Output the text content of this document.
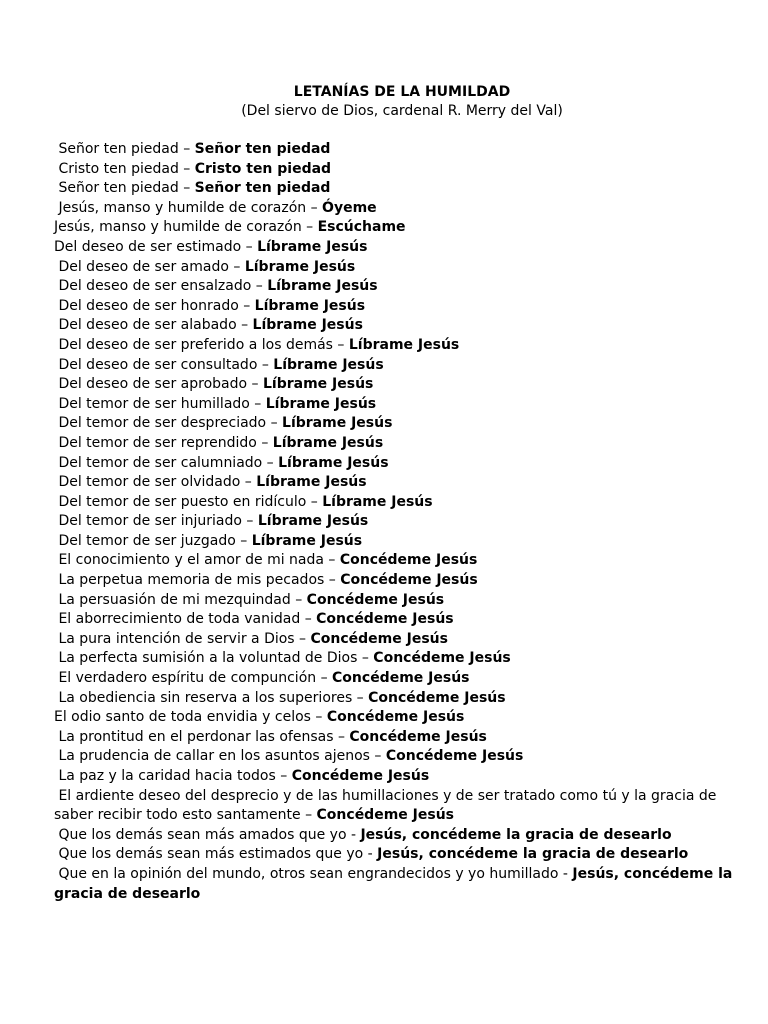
LETANÍAS DE LA HUMILDAD
(Del siervo de Dios, cardenal R. Merry del Val)

Señor ten piedad – Señor ten piedad

Cristo ten piedad – Cristo ten piedad

Señor ten piedad – Señor ten piedad

Jesús, manso y humilde de corazón – Óyeme

Jesús, manso y humilde de corazón – Escúchame

Del deseo de ser estimado – Líbrame Jesús

Del deseo de ser amado – Líbrame Jesús

Del deseo de ser ensalzado – Líbrame Jesús

Del deseo de ser honrado – Líbrame Jesús

Del deseo de ser alabado – Líbrame Jesús

Del deseo de ser preferido a los demás – Líbrame Jesús

Del deseo de ser consultado – Líbrame Jesús

Del deseo de ser aprobado – Líbrame Jesús

Del temor de ser humillado – Líbrame Jesús

Del temor de ser despreciado – Líbrame Jesús

Del temor de ser reprendido – Líbrame Jesús

Del temor de ser calumniado – Líbrame Jesús

Del temor de ser olvidado – Líbrame Jesús

Del temor de ser puesto en ridículo – Líbrame Jesús

Del temor de ser injuriado – Líbrame Jesús

Del temor de ser juzgado – Líbrame Jesús

El conocimiento y el amor de mi nada – Concédeme Jesús

La perpetua memoria de mis pecados – Concédeme Jesús

La persuasión de mi mezquindad – Concédeme Jesús

El aborrecimiento de toda vanidad – Concédeme Jesús

La pura intención de servir a Dios – Concédeme Jesús

La perfecta sumisión a la voluntad de Dios – Concédeme Jesús

El verdadero espíritu de compunción – Concédeme Jesús

La obediencia sin reserva a los superiores – Concédeme Jesús

El odio santo de toda envidia y celos – Concédeme Jesús

La prontitud en el perdonar las ofensas – Concédeme Jesús

La prudencia de callar en los asuntos ajenos – Concédeme Jesús

La paz y la caridad hacia todos – Concédeme Jesús

El ardiente deseo del desprecio y de las humillaciones y de ser tratado como tú y la gracia de saber recibir todo esto santamente – Concédeme Jesús

Que los demás sean más amados que yo - Jesús, concédeme la gracia de desearlo

Que los demás sean más estimados que yo - Jesús, concédeme la gracia de desearlo

Que en la opinión del mundo, otros sean engrandecidos y yo humillado - Jesús, concédeme la gracia de desearlo
